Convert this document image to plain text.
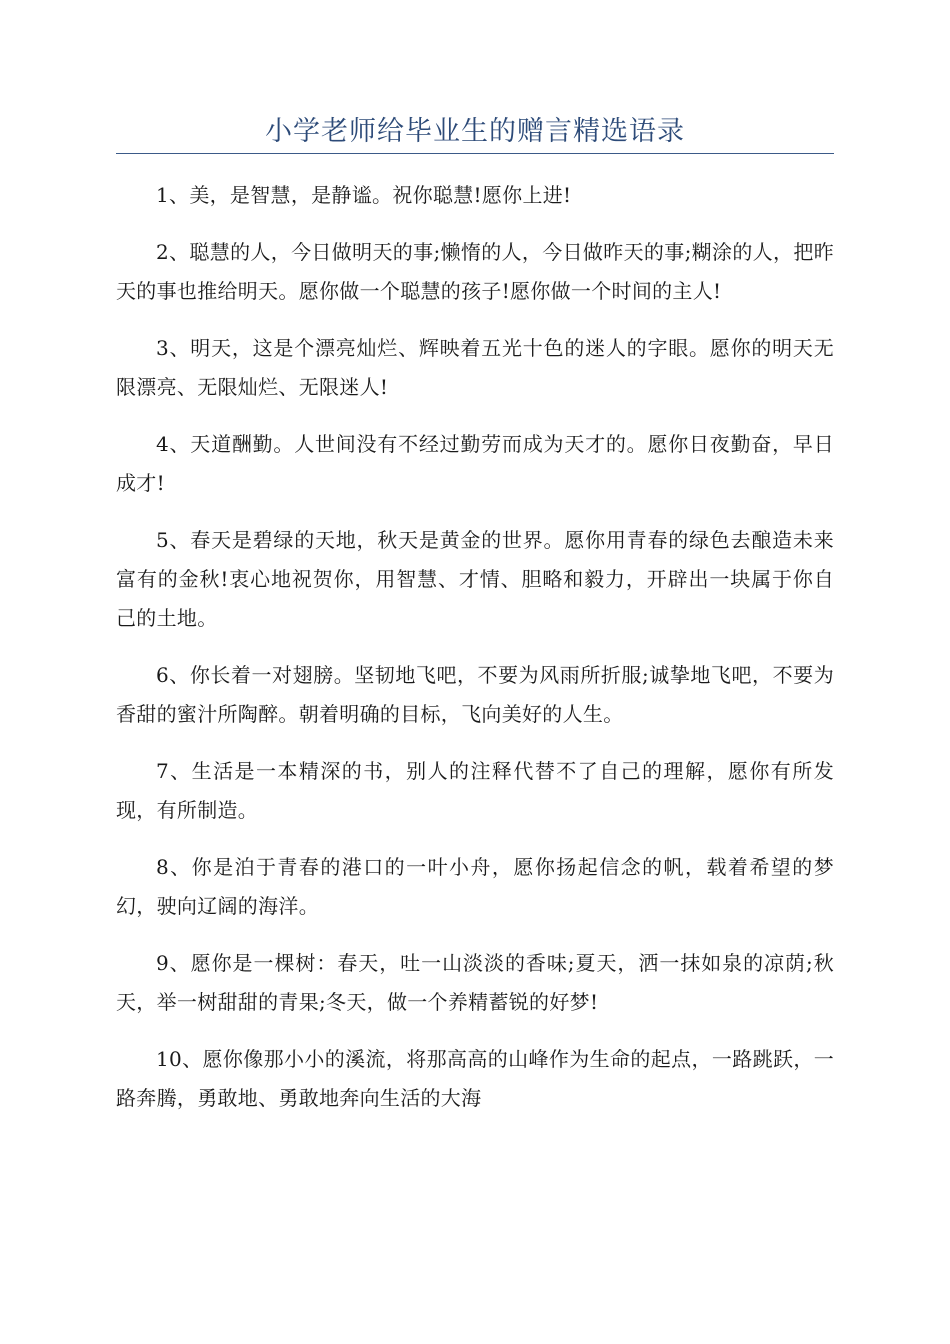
小学老师给毕业生的赠言精选语录

1、美，是智慧，是静谧。祝你聪慧!愿你上进!

2、聪慧的人，今日做明天的事;懒惰的人，今日做昨天的事;糊涂的人，把昨天的事也推给明天。愿你做一个聪慧的孩子!愿你做一个时间的主人!

3、明天，这是个漂亮灿烂、辉映着五光十色的迷人的字眼。愿你的明天无限漂亮、无限灿烂、无限迷人!

4、天道酬勤。人世间没有不经过勤劳而成为天才的。愿你日夜勤奋，早日成才!

5、春天是碧绿的天地，秋天是黄金的世界。愿你用青春的绿色去酿造未来富有的金秋!衷心地祝贺你，用智慧、才情、胆略和毅力，开辟出一块属于你自己的土地。

6、你长着一对翅膀。坚韧地飞吧，不要为风雨所折服;诚挚地飞吧，不要为香甜的蜜汁所陶醉。朝着明确的目标，飞向美好的人生。

7、生活是一本精深的书，别人的注释代替不了自己的理解，愿你有所发现，有所制造。

8、你是泊于青春的港口的一叶小舟，愿你扬起信念的帆，载着希望的梦幻，驶向辽阔的海洋。

9、愿你是一棵树：春天，吐一山淡淡的香味;夏天，洒一抹如泉的凉荫;秋天，举一树甜甜的青果;冬天，做一个养精蓄锐的好梦!

10、愿你像那小小的溪流，将那高高的山峰作为生命的起点，一路跳跃，一路奔腾，勇敢地、勇敢地奔向生活的大海
